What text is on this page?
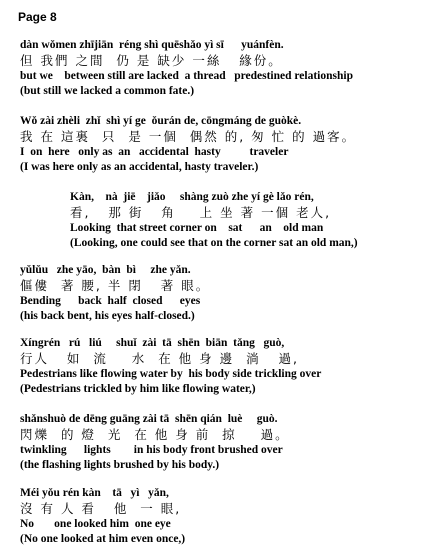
Page 8
dàn wǒmen zhījiān  réng shì quēshǎo yì sī      yuánfèn.
但 我們 之間  仍 是 缺少 一絲   緣份。
but we    between still are lacked  a thread   predestined relationship
(but still we lacked a common fate.)
Wǒ zài zhèli  zhǐ  shì yí ge  ǒurán de, cōngmáng de guòkè.
我 在 這裏  只  是 一個  偶然 的, 匆 忙 的 過客。
I  on  here   only as  an   accidental  hasty          traveler
(I was here only as an accidental, hasty traveler.)
Kàn,    nà  jiē    jiǎo     shàng zuò zhe yí gè lǎo rén,
看,   那 街   角    上 坐 著 一個 老人,
Looking  that street corner on    sat      an    old man
(Looking, one could see that on the corner sat an old man,)
yǔlǔu   zhe yāo,  bàn  bì     zhe yǎn.
傴僂  著 腰, 半 閉   著 眼。
Bending      back  half  closed      eyes
(his back bent, his eyes half-closed.)
Xíngrén   rú   liú     shuǐ  zài  tā  shēn  biān  tǎng   guò,
行人   如  流    水  在 他 身 邊  淌   過,
Pedestrians like flowing water by  his body side trickling over
(Pedestrians trickled by him like flowing water,)
shǎnshuò de dēng guāng zài tā  shēn qián  luè     guò.
閃爍  的 燈  光  在 他 身 前  掠    過。
twinkling      lights        in his body front brushed over
(the flashing lights brushed by his body.)
Méi yǒu rén kàn    tā   yì   yǎn,
沒 有 人 看   他  一 眼,
No       one looked him  one eye
(No one looked at him even once,)
